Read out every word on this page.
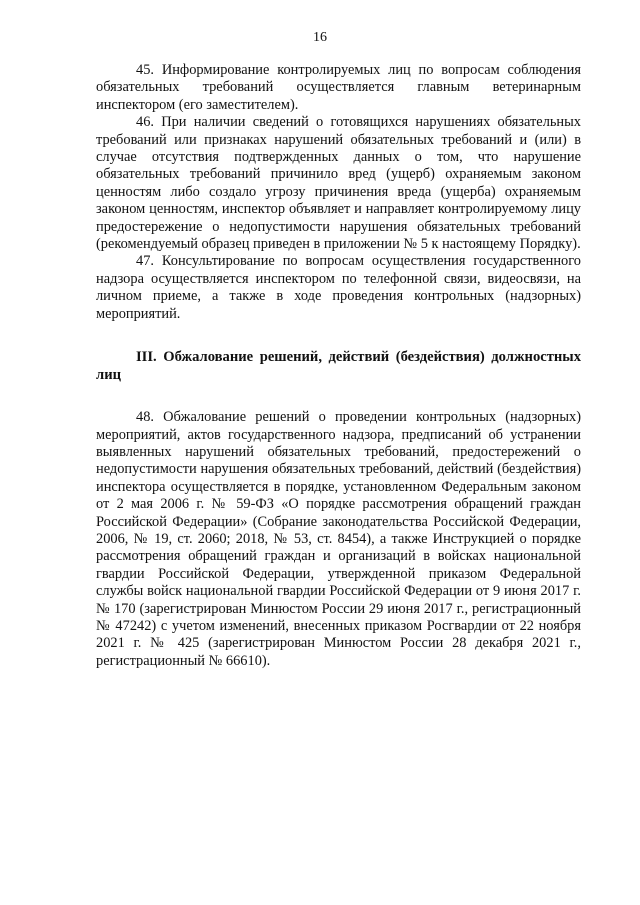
16

45. Информирование контролируемых лиц по вопросам соблюдения обязательных требований осуществляется главным ветеринарным инспектором (его заместителем).

46. При наличии сведений о готовящихся нарушениях обязательных требований или признаках нарушений обязательных требований и (или) в случае отсутствия подтвержденных данных о том, что нарушение обязательных требований причинило вред (ущерб) охраняемым законом ценностям либо создало угрозу причинения вреда (ущерба) охраняемым законом ценностям, инспектор объявляет и направляет контролируемому лицу предостережение о недопустимости нарушения обязательных требований (рекомендуемый образец приведен в приложении № 5 к настоящему Порядку).

47. Консультирование по вопросам осуществления государственного надзора осуществляется инспектором по телефонной связи, видеосвязи, на личном приеме, а также в ходе проведения контрольных (надзорных) мероприятий.

III. Обжалование решений, действий (бездействия) должностных лиц

48. Обжалование решений о проведении контрольных (надзорных) мероприятий, актов государственного надзора, предписаний об устранении выявленных нарушений обязательных требований, предостережений о недопустимости нарушения обязательных требований, действий (бездействия) инспектора осуществляется в порядке, установленном Федеральным законом от 2 мая 2006 г. № 59-ФЗ «О порядке рассмотрения обращений граждан Российской Федерации» (Собрание законодательства Российской Федерации, 2006, № 19, ст. 2060; 2018, № 53, ст. 8454), а также Инструкцией о порядке рассмотрения обращений граждан и организаций в войсках национальной гвардии Российской Федерации, утвержденной приказом Федеральной службы войск национальной гвардии Российской Федерации от 9 июня 2017 г. № 170 (зарегистрирован Минюстом России 29 июня 2017 г., регистрационный № 47242) с учетом изменений, внесенных приказом Росгвардии от 22 ноября 2021 г. № 425 (зарегистрирован Минюстом России 28 декабря 2021 г., регистрационный № 66610).
